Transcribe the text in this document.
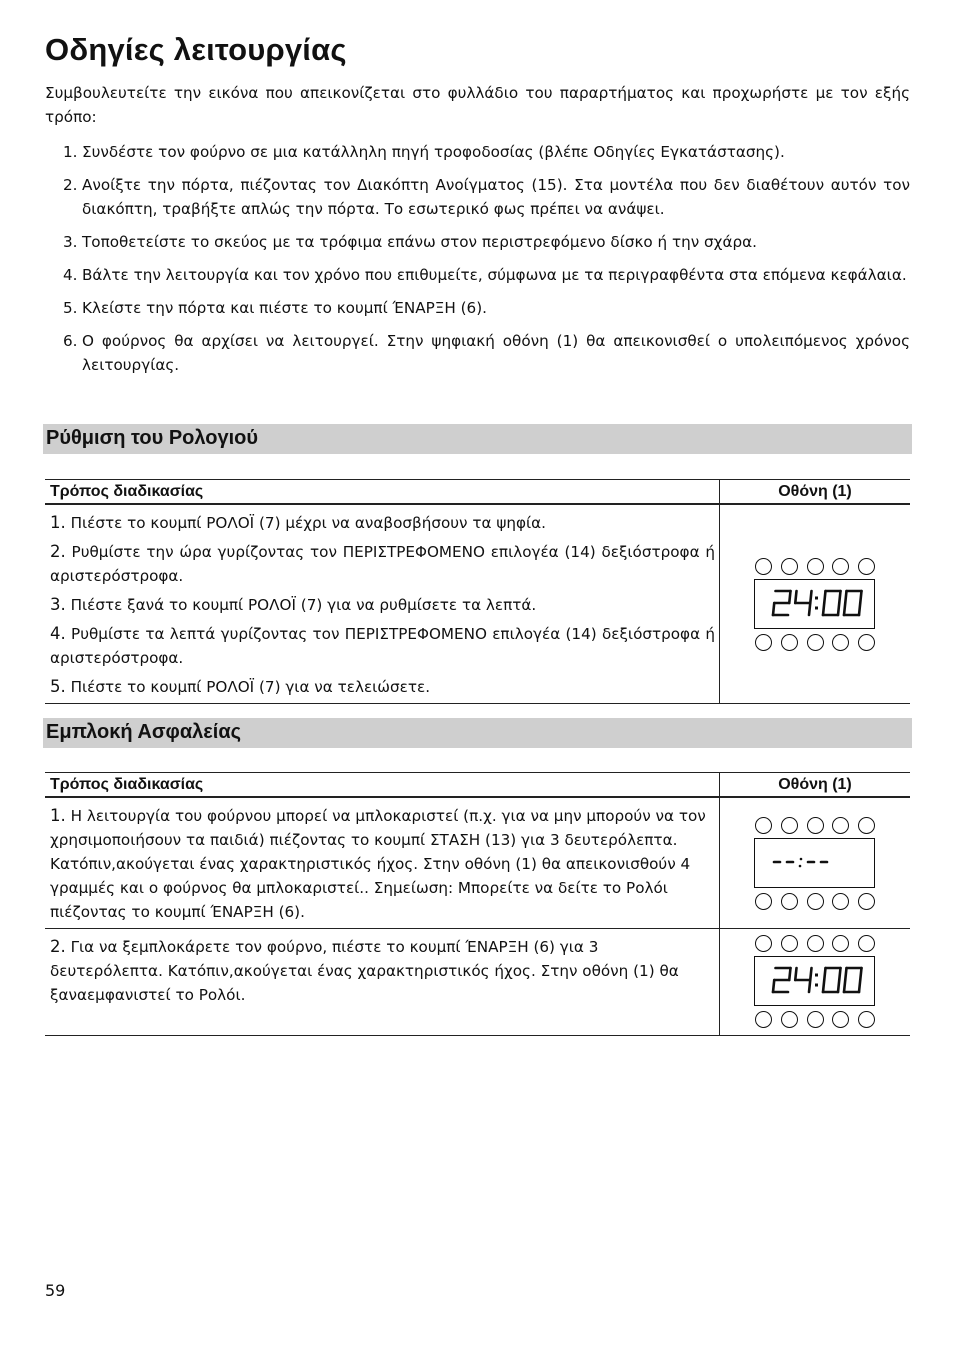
Οδηγίες λειτουργίας

Συμβουλευτείτε την εικόνα που απεικονίζεται στο φυλλάδιο του παραρτήματος και προχωρήστε με τον εξής τρόπο:

1. Συνδέστε τον φούρνο σε μια κατάλληλη πηγή τροφοδοσίας (βλέπε Οδηγίες Εγκατάστασης).
2. Ανοίξτε την πόρτα, πιέζοντας τον Διακόπτη Ανοίγματος (15). Στα μοντέλα που δεν διαθέτουν αυτόν τον διακόπτη, τραβήξτε απλώς την πόρτα. Το εσωτερικό φως πρέπει να ανάψει.
3. Τοποθετείστε το σκεύος με τα τρόφιμα επάνω στον περιστρεφόμενο δίσκο ή την σχάρα.
4. Βάλτε την λειτουργία και τον χρόνο που επιθυμείτε, σύμφωνα με τα περιγραφθέντα στα επόμενα κεφάλαια.
5. Κλείστε την πόρτα και πιέστε το κουμπί ΈΝΑΡΞΗ (6).
6. Ο φούρνος θα αρχίσει να λειτουργεί. Στην ψηφιακή οθόνη (1) θα απεικονισθεί ο υπολειπόμενος χρόνος λειτουργίας.
Ρύθμιση του Ρολογιού
Τρόπος διαδικασίας	Οθόνη (1)

1. Πιέστε το κουμπί ΡΟΛΟΪ (7) μέχρι να αναβοσβήσουν τα ψηφία.

2. Ρυθμίστε την ώρα γυρίζοντας τον ΠΕΡΙΣΤΡΕΦΟΜΕΝΟ επιλογέα (14) δεξιόστροφα ή αριστερόστροφα.

3. Πιέστε ξανά το κουμπί ΡΟΛΟΪ (7) για να ρυθμίσετε τα λεπτά.

4. Ρυθμίστε τα λεπτά γυρίζοντας τον ΠΕΡΙΣΤΡΕΦΟΜΕΝΟ επιλογέα (14) δεξιόστροφα ή αριστερόστροφα.

5. Πιέστε το κουμπί ΡΟΛΟΪ (7) για να τελειώσετε.

Εμπλοκή Ασφαλείας
Τρόπος διαδικασίας	Οθόνη (1)
1. Η λειτουργία του φούρνου μπορεί να μπλοκαριστεί (π.χ. για να μην μπορούν να τον χρησιμοποιήσουν τα παιδιά) πιέζοντας το κουμπί ΣΤΑΣΗ (13) για 3 δευτερόλεπτα. Κατόπιν,ακούγεται ένας χαρακτηριστικός ήχος. Στην οθόνη (1) θα απεικονισθούν 4 γραμμές και ο φούρνος θα μπλοκαριστεί.. Σημείωση: Μπορείτε να δείτε το Ρολόι πιέζοντας το κουμπί ΈΝΑΡΞΗ (6).	

2. Για να ξεμπλοκάρετε τον φούρνο, πιέστε το κουμπί ΈΝΑΡΞΗ (6) για 3 δευτερόλεπτα. Κατόπιν,ακούγεται ένας χαρακτηριστικός ήχος. Στην οθόνη (1) θα ξαναεμφανιστεί το Ρολόι.	
59
